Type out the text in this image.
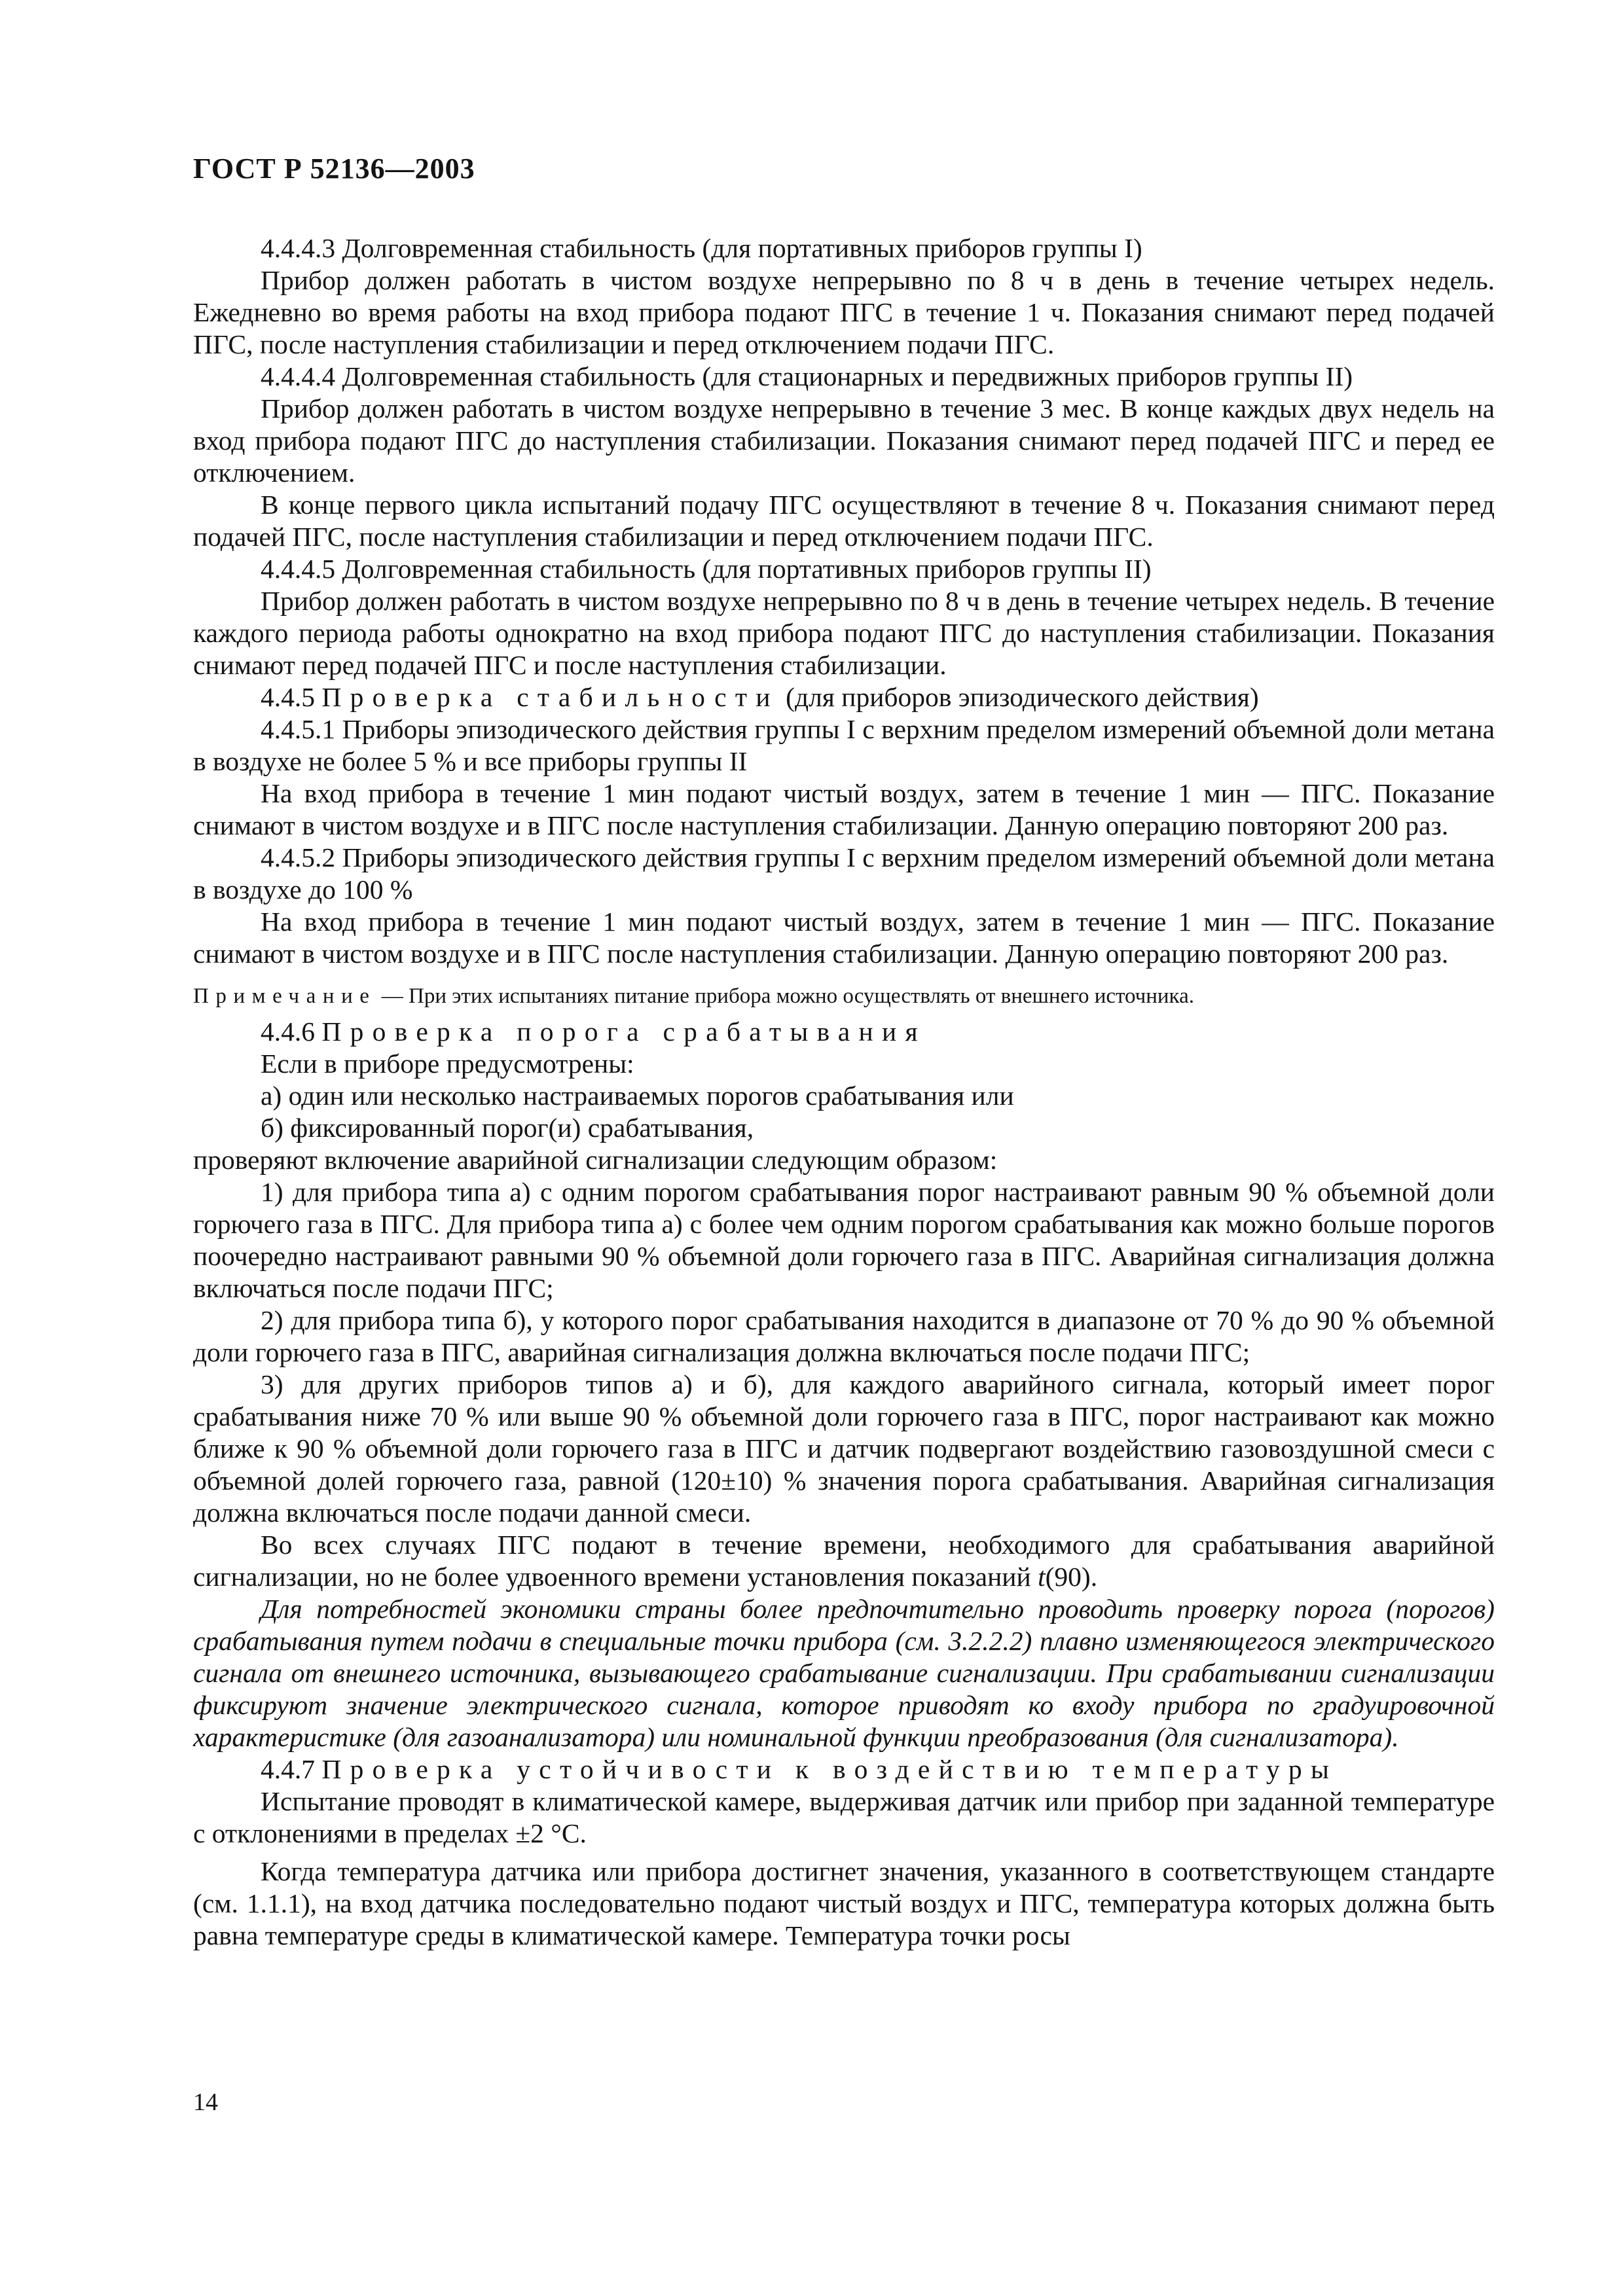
ГОСТ Р 52136—2003

4.4.4.3 Долговременная стабильность (для портативных приборов группы I)

Прибор должен работать в чистом воздухе непрерывно по 8 ч в день в течение четырех недель. Ежедневно во время работы на вход прибора подают ПГС в течение 1 ч. Показания снимают перед подачей ПГС, после наступления стабилизации и перед отключением подачи ПГС.

4.4.4.4 Долговременная стабильность (для стационарных и передвижных приборов группы II)

Прибор должен работать в чистом воздухе непрерывно в течение 3 мес. В конце каждых двух недель на вход прибора подают ПГС до наступления стабилизации. Показания снимают перед подачей ПГС и перед ее отключением.

В конце первого цикла испытаний подачу ПГС осуществляют в течение 8 ч. Показания снимают перед подачей ПГС, после наступления стабилизации и перед отключением подачи ПГС.

4.4.4.5 Долговременная стабильность (для портативных приборов группы II)

Прибор должен работать в чистом воздухе непрерывно по 8 ч в день в течение четырех недель. В течение каждого периода работы однократно на вход прибора подают ПГС до наступления стабилизации. Показания снимают перед подачей ПГС и после наступления стабилизации.

4.4.5 Проверка стабильности (для приборов эпизодического действия)

4.4.5.1 Приборы эпизодического действия группы I с верхним пределом измерений объемной доли метана в воздухе не более 5 % и все приборы группы II

На вход прибора в течение 1 мин подают чистый воздух, затем в течение 1 мин — ПГС. Показание снимают в чистом воздухе и в ПГС после наступления стабилизации. Данную операцию повторяют 200 раз.

4.4.5.2 Приборы эпизодического действия группы I с верхним пределом измерений объемной доли метана в воздухе до 100 %

На вход прибора в течение 1 мин подают чистый воздух, затем в течение 1 мин — ПГС. Показание снимают в чистом воздухе и в ПГС после наступления стабилизации. Данную операцию повторяют 200 раз.

Примечание — При этих испытаниях питание прибора можно осуществлять от внешнего источника.

4.4.6 Проверка порога срабатывания

Если в приборе предусмотрены:

а) один или несколько настраиваемых порогов срабатывания или

б) фиксированный порог(и) срабатывания,

проверяют включение аварийной сигнализации следующим образом:

1) для прибора типа а) с одним порогом срабатывания порог настраивают равным 90 % объемной доли горючего газа в ПГС. Для прибора типа а) с более чем одним порогом срабатывания как можно больше порогов поочередно настраивают равными 90 % объемной доли горючего газа в ПГС. Аварийная сигнализация должна включаться после подачи ПГС;

2) для прибора типа б), у которого порог срабатывания находится в диапазоне от 70 % до 90 % объемной доли горючего газа в ПГС, аварийная сигнализация должна включаться после подачи ПГС;

3) для других приборов типов а) и б), для каждого аварийного сигнала, который имеет порог срабатывания ниже 70 % или выше 90 % объемной доли горючего газа в ПГС, порог настраивают как можно ближе к 90 % объемной доли горючего газа в ПГС и датчик подвергают воздействию газовоздушной смеси с объемной долей горючего газа, равной (120±10) % значения порога срабатывания. Аварийная сигнализация должна включаться после подачи данной смеси.

Во всех случаях ПГС подают в течение времени, необходимого для срабатывания аварийной сигнализации, но не более удвоенного времени установления показаний t(90).

Для потребностей экономики страны более предпочтительно проводить проверку порога (порогов) срабатывания путем подачи в специальные точки прибора (см. 3.2.2.2) плавно изменяющегося электрического сигнала от внешнего источника, вызывающего срабатывание сигнализации. При срабатывании сигнализации фиксируют значение электрического сигнала, которое приводят ко входу прибора по градуировочной характеристике (для газоанализатора) или номинальной функции преобразования (для сигнализатора).

4.4.7 Проверка устойчивости к воздействию температуры

Испытание проводят в климатической камере, выдерживая датчик или прибор при заданной температуре с отклонениями в пределах ±2 °С.

Когда температура датчика или прибора достигнет значения, указанного в соответствующем стандарте (см. 1.1.1), на вход датчика последовательно подают чистый воздух и ПГС, температура которых должна быть равна температуре среды в климатической камере. Температура точки росы

14
